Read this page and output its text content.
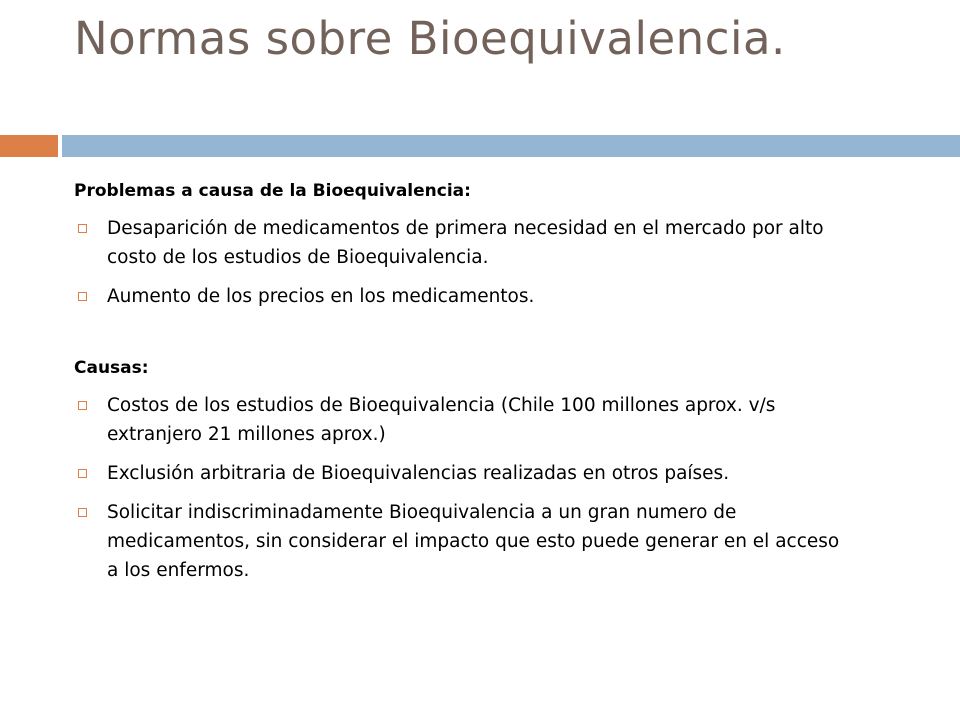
Normas sobre Bioequivalencia.

Problemas a causa de la Bioequivalencia:

Desaparición de medicamentos de primera necesidad en el mercado por alto costo de los estudios de Bioequivalencia.
Aumento de los precios en los medicamentos.

Causas:

Costos de los estudios de Bioequivalencia (Chile 100 millones aprox. v/s extranjero 21 millones aprox.)
Exclusión arbitraria de Bioequivalencias realizadas en otros países.
Solicitar indiscriminadamente Bioequivalencia a un gran numero de medicamentos, sin considerar el impacto que esto puede generar en el acceso a los enfermos.
